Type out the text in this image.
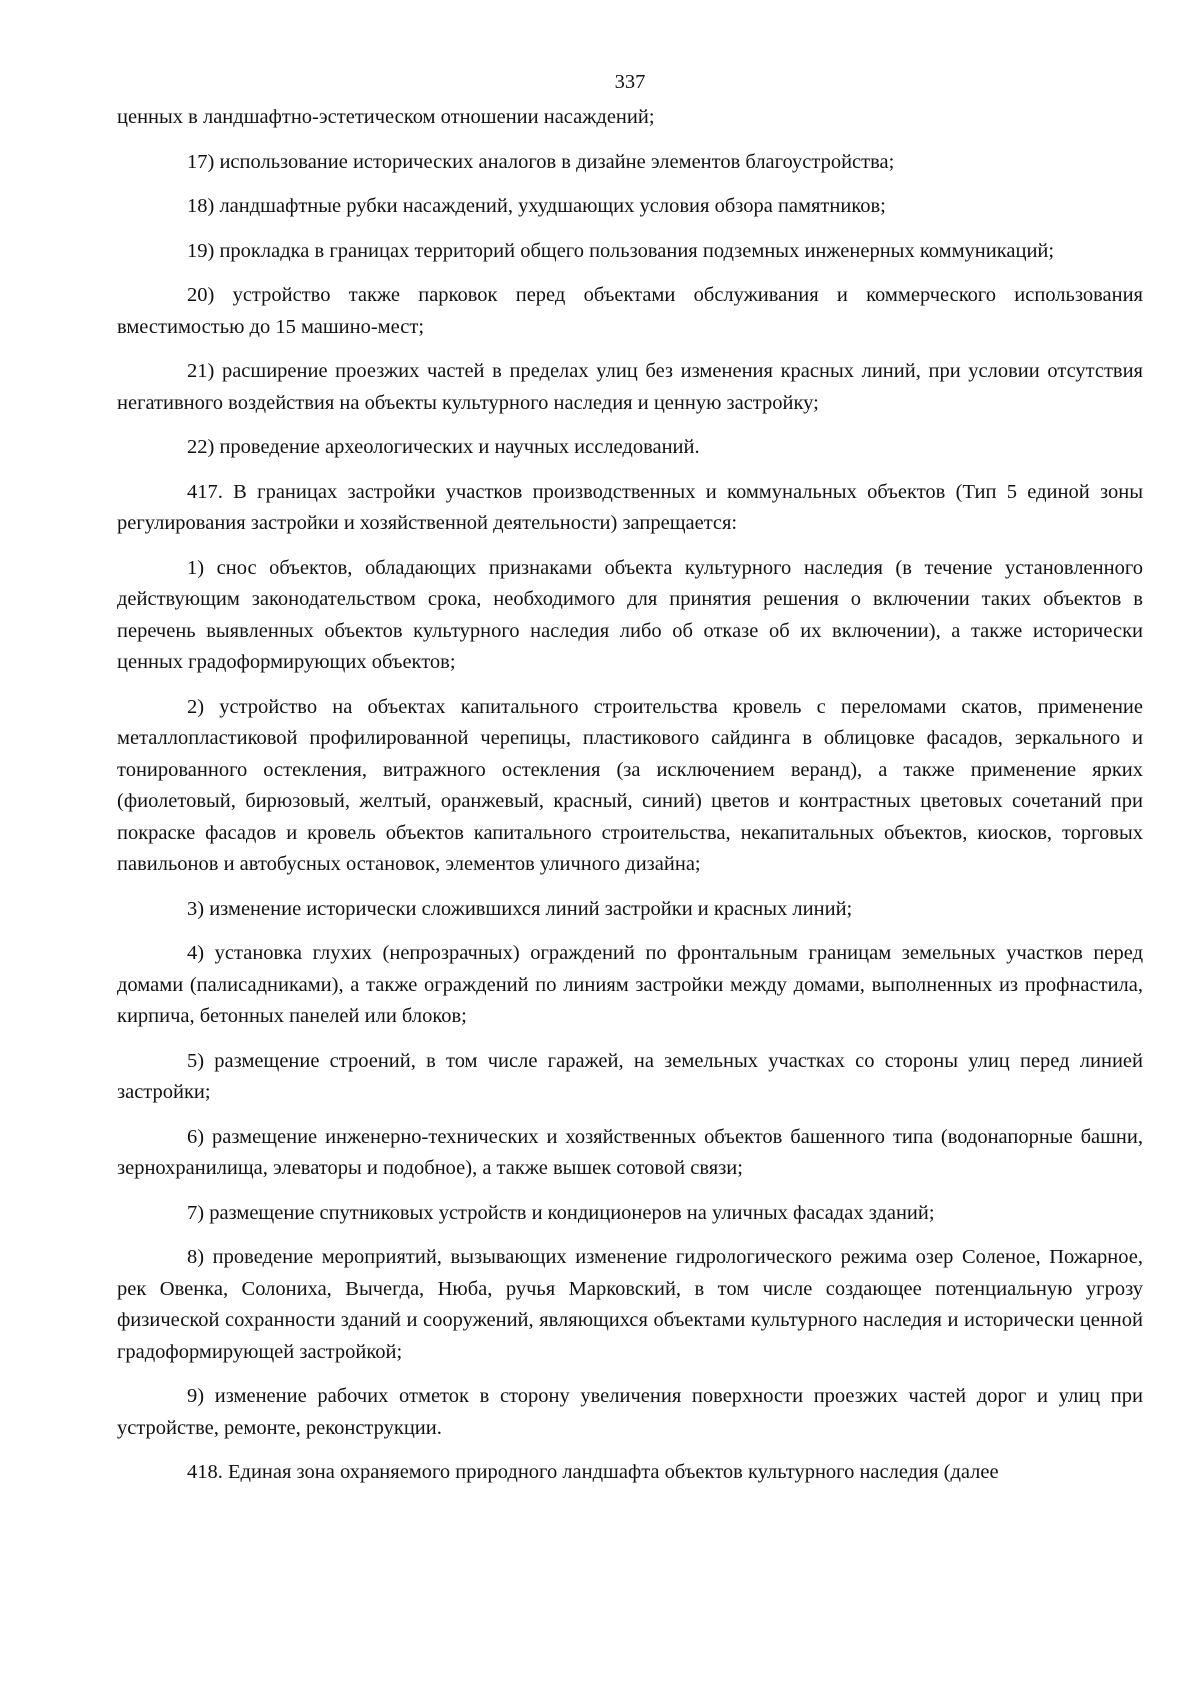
337

ценных в ландшафтно-эстетическом отношении насаждений;

17) использование исторических аналогов в дизайне элементов благоустройства;

18) ландшафтные рубки насаждений, ухудшающих условия обзора памятников;

19) прокладка в границах территорий общего пользования подземных инженерных коммуникаций;

20) устройство также парковок перед объектами обслуживания и коммерческого использования вместимостью до 15 машино-мест;

21) расширение проезжих частей в пределах улиц без изменения красных линий, при условии отсутствия негативного воздействия на объекты культурного наследия и ценную застройку;

22) проведение археологических и научных исследований.

417. В границах застройки участков производственных и коммунальных объектов (Тип 5 единой зоны регулирования застройки и хозяйственной деятельности) запрещается:

1) снос объектов, обладающих признаками объекта культурного наследия (в течение установленного действующим законодательством срока, необходимого для принятия решения о включении таких объектов в перечень выявленных объектов культурного наследия либо об отказе об их включении), а также исторически ценных градоформирующих объектов;

2) устройство на объектах капитального строительства кровель с переломами скатов, применение металлопластиковой профилированной черепицы, пластикового сайдинга в облицовке фасадов, зеркального и тонированного остекления, витражного остекления (за исключением веранд), а также применение ярких (фиолетовый, бирюзовый, желтый, оранжевый, красный, синий) цветов и контрастных цветовых сочетаний при покраске фасадов и кровель объектов капитального строительства, некапитальных объектов, киосков, торговых павильонов и автобусных остановок, элементов уличного дизайна;

3) изменение исторически сложившихся линий застройки и красных линий;

4) установка глухих (непрозрачных) ограждений по фронтальным границам земельных участков перед домами (палисадниками), а также ограждений по линиям застройки между домами, выполненных из профнастила, кирпича, бетонных панелей или блоков;

5) размещение строений, в том числе гаражей, на земельных участках со стороны улиц перед линией застройки;

6) размещение инженерно-технических и хозяйственных объектов башенного типа (водонапорные башни, зернохранилища, элеваторы и подобное), а также вышек сотовой связи;

7) размещение спутниковых устройств и кондиционеров на уличных фасадах зданий;

8) проведение мероприятий, вызывающих изменение гидрологического режима озер Соленое, Пожарное, рек Овенка, Солониха, Вычегда, Нюба, ручья Марковский, в том числе создающее потенциальную угрозу физической сохранности зданий и сооружений, являющихся объектами культурного наследия и исторически ценной градоформирующей застройкой;

9) изменение рабочих отметок в сторону увеличения поверхности проезжих частей дорог и улиц при устройстве, ремонте, реконструкции.

418. Единая зона охраняемого природного ландшафта объектов культурного наследия (далее
